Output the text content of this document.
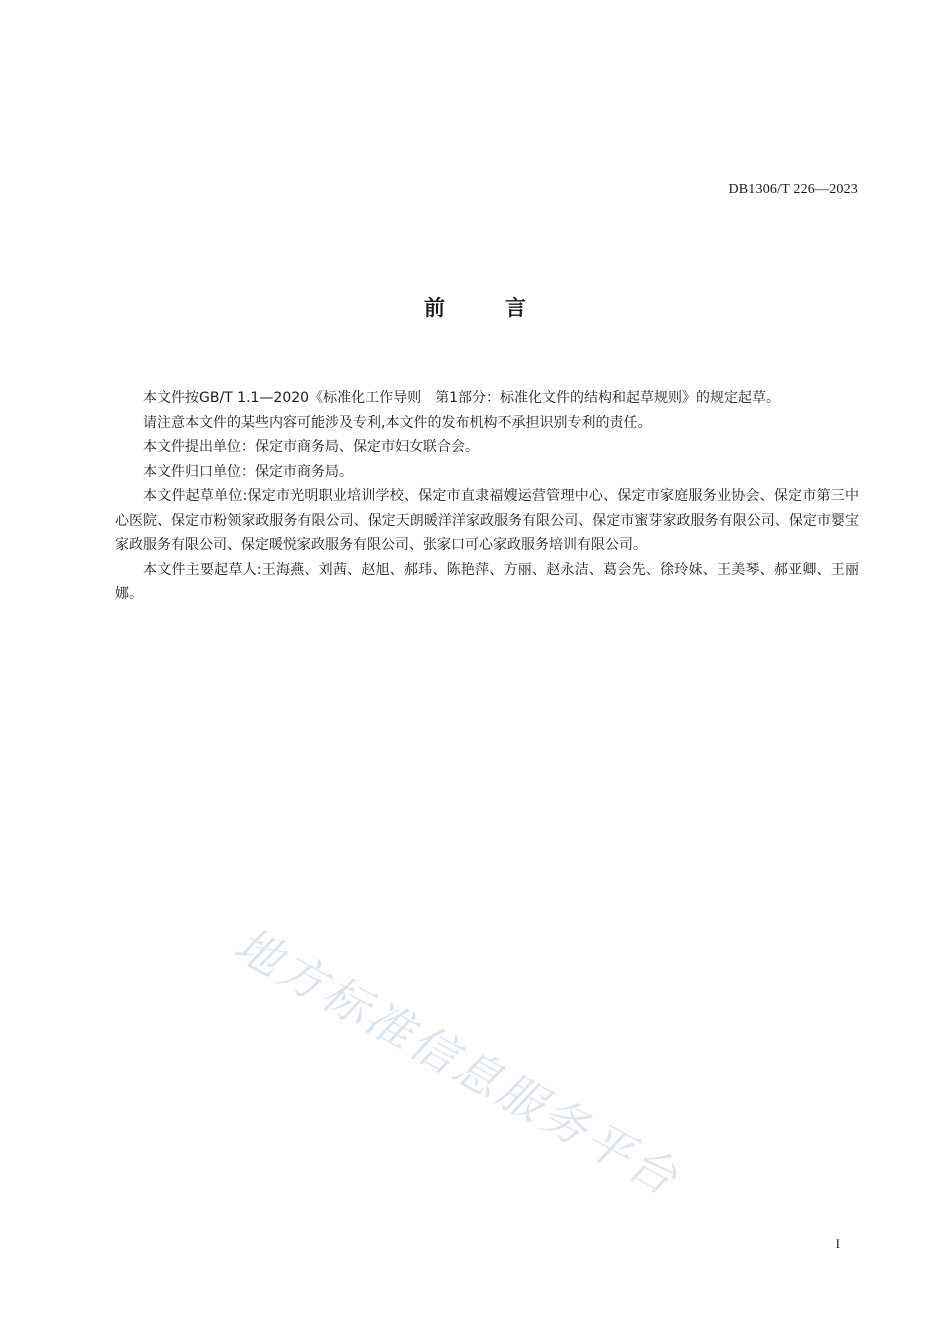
DB1306/T 226—2023
前	言

本文件按GB/T 1.1—2020《标准化工作导则　第1部分：标准化文件的结构和起草规则》的规定起草。

请注意本文件的某些内容可能涉及专利,本文件的发布机构不承担识别专利的责任。

本文件提出单位：保定市商务局、保定市妇女联合会。

本文件归口单位：保定市商务局。

本文件起草单位:保定市光明职业培训学校、保定市直隶福嫂运营管理中心、保定市家庭服务业协会、保定市第三中心医院、保定市粉领家政服务有限公司、保定天朗暖洋洋家政服务有限公司、保定市蜜芽家政服务有限公司、保定市婴宝家政服务有限公司、保定暖悦家政服务有限公司、张家口可心家政服务培训有限公司。

本文件主要起草人:王海燕、刘茜、赵旭、郝玮、陈艳萍、方丽、赵永洁、葛会先、徐玲妹、王美琴、郝亚卿、王丽娜。

地方标准信息服务平台
I
